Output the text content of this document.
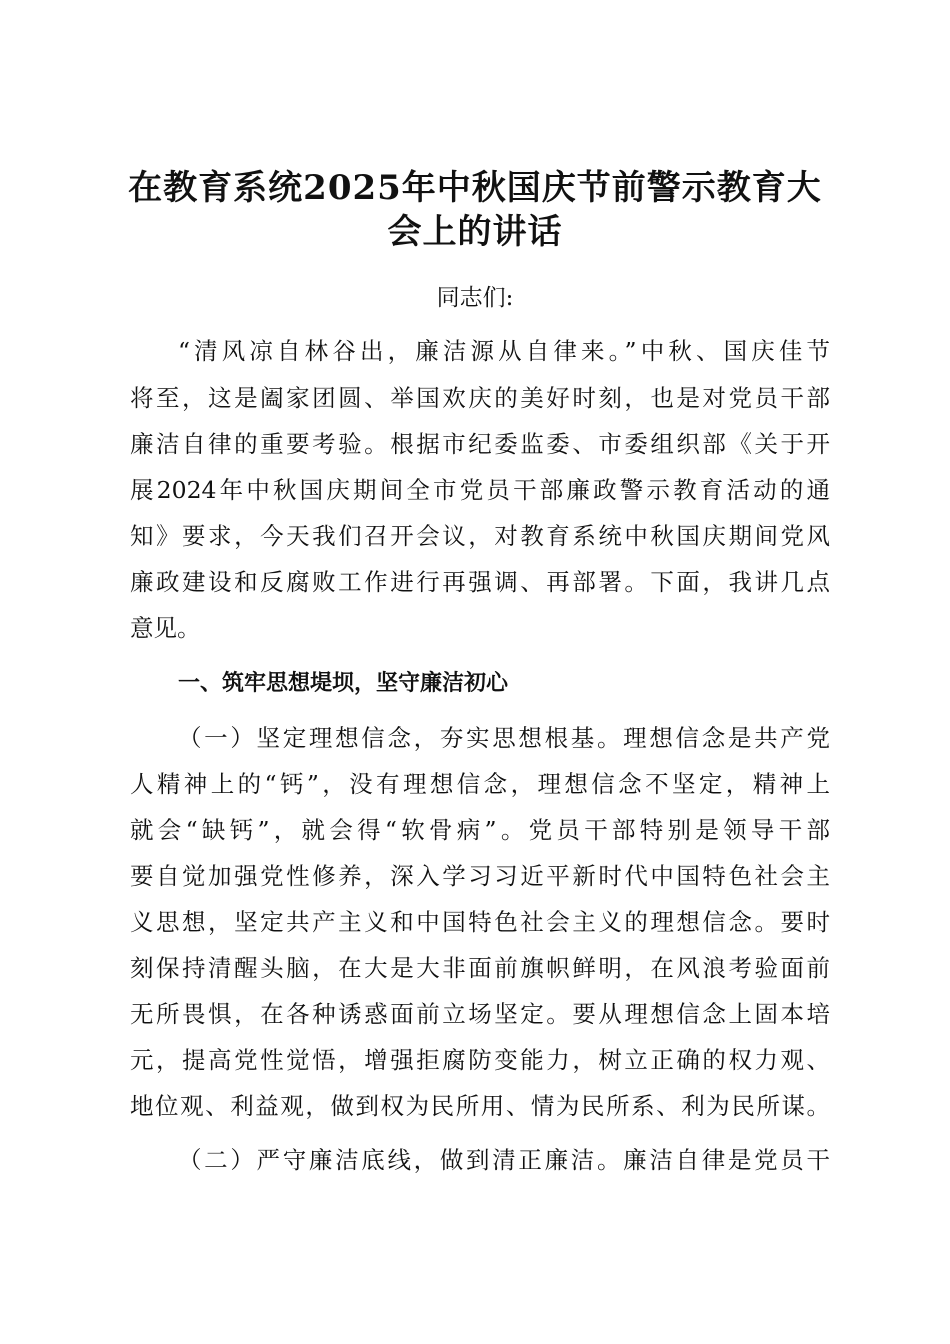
在教育系统2025年中秋国庆节前警示教育大
会上的讲话

同志们:

“清风凉自林谷出，廉洁源从自律来。”中秋、国庆佳节

将至，这是阖家团圆、举国欢庆的美好时刻，也是对党员干部

廉洁自律的重要考验。根据市纪委监委、市委组织部《关于开

展2024年中秋国庆期间全市党员干部廉政警示教育活动的通

知》要求，今天我们召开会议，对教育系统中秋国庆期间党风

廉政建设和反腐败工作进行再强调、再部署。下面，我讲几点

意见。

一、筑牢思想堤坝，坚守廉洁初心

（一）坚定理想信念，夯实思想根基。理想信念是共产党

人精神上的“钙”，没有理想信念，理想信念不坚定，精神上

就会“缺钙”，就会得“软骨病”。党员干部特别是领导干部

要自觉加强党性修养，深入学习习近平新时代中国特色社会主

义思想，坚定共产主义和中国特色社会主义的理想信念。要时

刻保持清醒头脑，在大是大非面前旗帜鲜明，在风浪考验面前

无所畏惧，在各种诱惑面前立场坚定。要从理想信念上固本培

元，提高党性觉悟，增强拒腐防变能力，树立正确的权力观、

地位观、利益观，做到权为民所用、情为民所系、利为民所谋。

（二）严守廉洁底线，做到清正廉洁。廉洁自律是党员干
